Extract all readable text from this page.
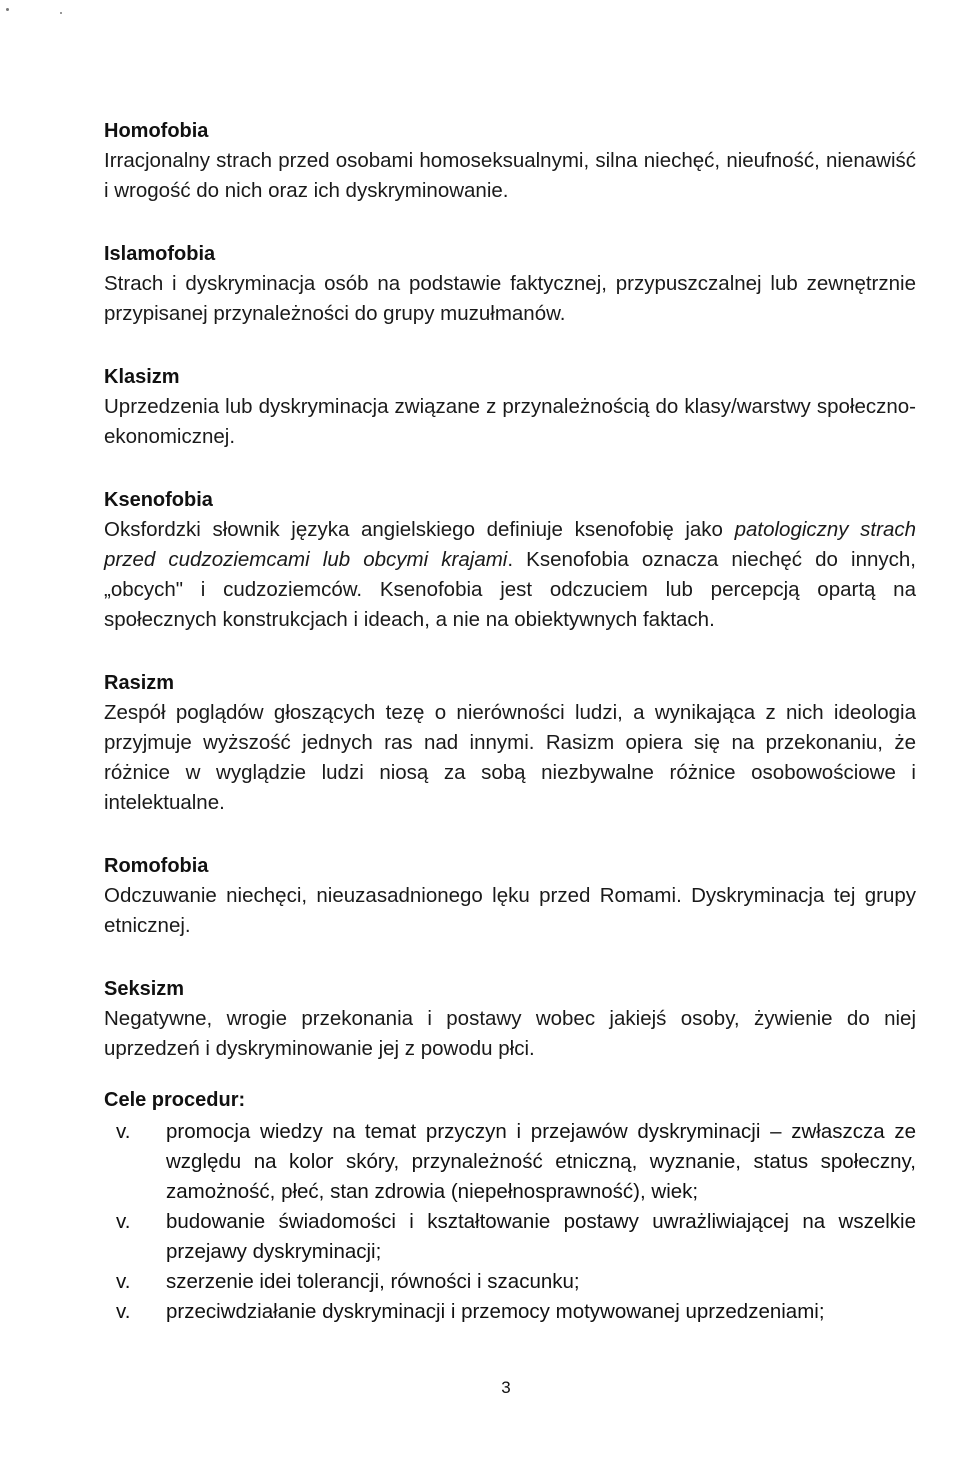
Homofobia
Irracjonalny strach przed osobami homoseksualnymi, silna niechęć, nieufność, nienawiść i wrogość do nich oraz ich dyskryminowanie.
Islamofobia
Strach i dyskryminacja osób na podstawie faktycznej, przypuszczalnej lub zewnętrznie przypisanej przynależności do grupy muzułmanów.
Klasizm
Uprzedzenia lub dyskryminacja związane z przynależnością do klasy/warstwy społeczno-ekonomicznej.
Ksenofobia
Oksfordzki słownik języka angielskiego definiuje ksenofobię jako patologiczny strach przed cudzoziemcami lub obcymi krajami. Ksenofobia oznacza niechęć do innych, „obcych" i cudzoziemców. Ksenofobia jest odczuciem lub percepcją opartą na społecznych konstrukcjach i ideach, a nie na obiektywnych faktach.
Rasizm
Zespół poglądów głoszących tezę o nierówności ludzi, a wynikająca z nich ideologia przyjmuje wyższość jednych ras nad innymi. Rasizm opiera się na przekonaniu, że różnice w wyglądzie ludzi niosą za sobą niezbywalne różnice osobowościowe i intelektualne.
Romofobia
Odczuwanie niechęci, nieuzasadnionego lęku przed Romami. Dyskryminacja tej grupy etnicznej.
Seksizm
Negatywne, wrogie przekonania i postawy wobec jakiejś osoby, żywienie do niej uprzedzeń i dyskryminowanie jej z powodu płci.
Cele procedur:
v.	promocja wiedzy na temat przyczyn i przejawów dyskryminacji – zwłaszcza ze względu na kolor skóry, przynależność etniczną, wyznanie, status społeczny, zamożność, płeć, stan zdrowia (niepełnosprawność), wiek;
v.	budowanie świadomości i kształtowanie postawy uwrażliwiającej na wszelkie przejawy dyskryminacji;
v.	szerzenie idei tolerancji, równości i szacunku;
v.	przeciwdziałanie dyskryminacji i przemocy motywowanej uprzedzeniami;
3
